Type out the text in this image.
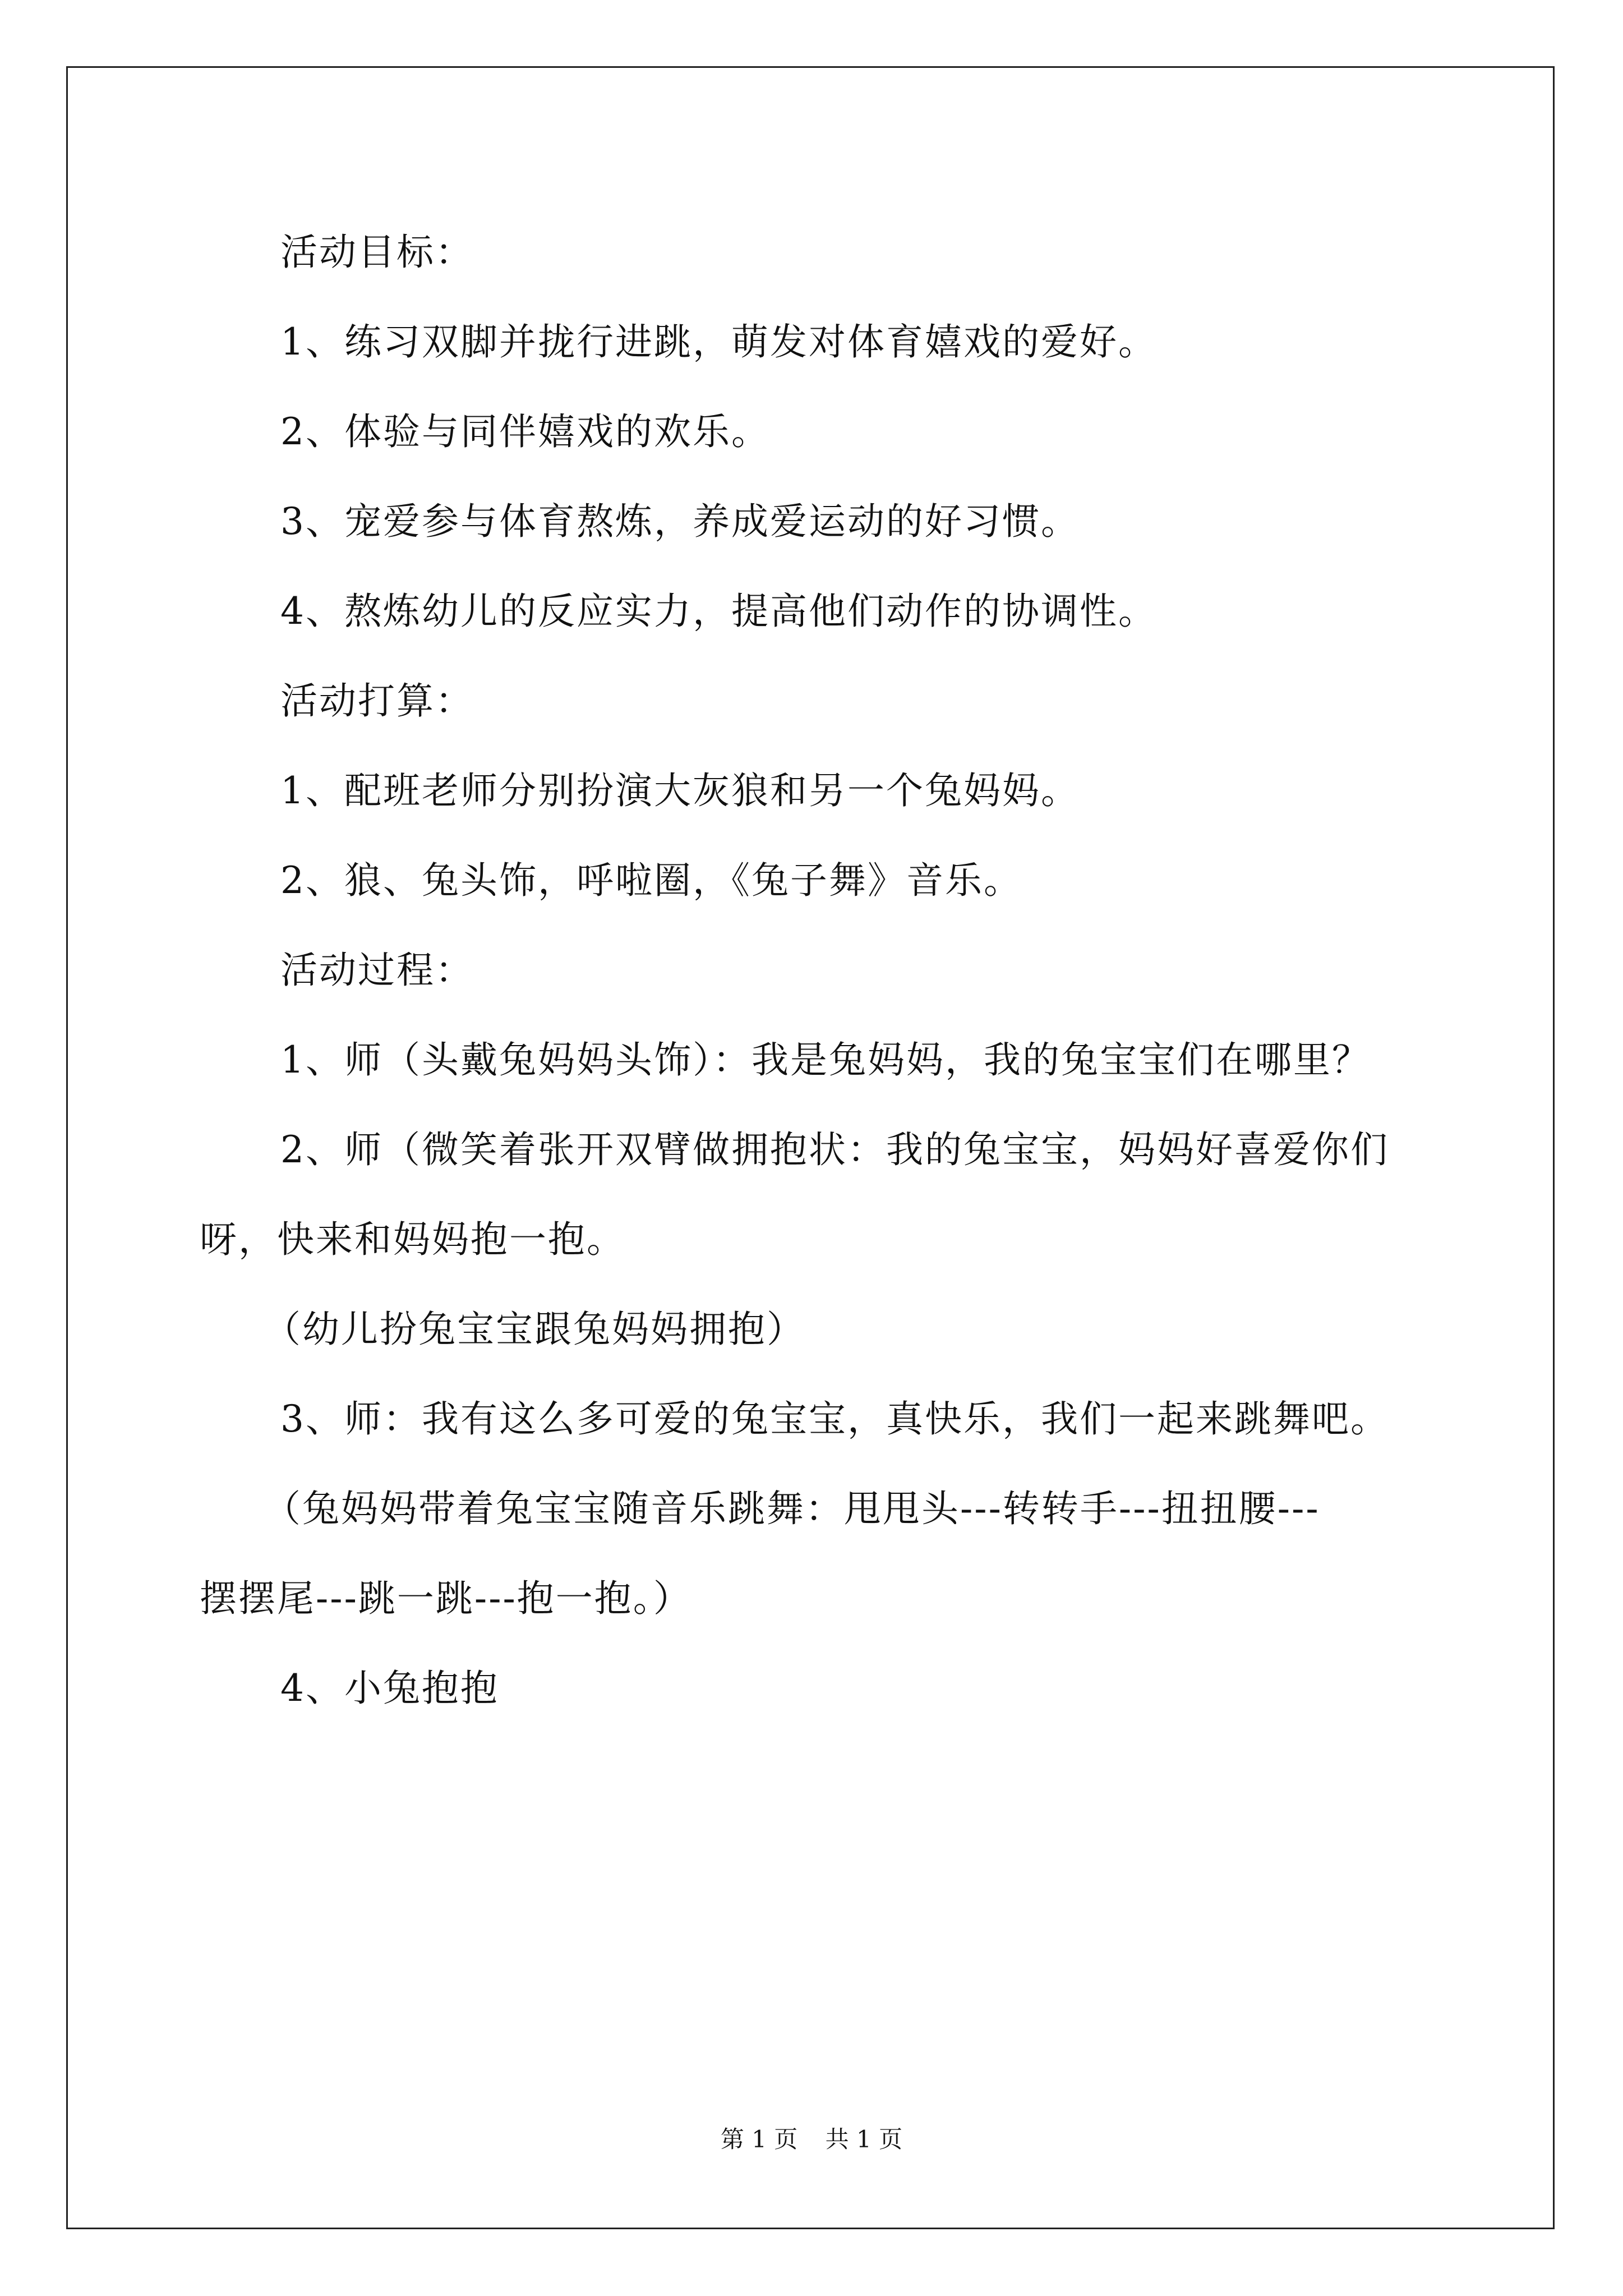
活动目标：
1、练习双脚并拢行进跳，萌发对体育嬉戏的爱好。
2、体验与同伴嬉戏的欢乐。
3、宠爱参与体育熬炼，养成爱运动的好习惯。
4、熬炼幼儿的反应实力，提高他们动作的协调性。
活动打算：
1、配班老师分别扮演大灰狼和另一个兔妈妈。
2、狼、兔头饰，呼啦圈，《兔子舞》音乐。
活动过程：
1、师（头戴兔妈妈头饰）：我是兔妈妈，我的兔宝宝们在哪里？
2、师（微笑着张开双臂做拥抱状：我的兔宝宝，妈妈好喜爱你们
呀，快来和妈妈抱一抱。
（幼儿扮兔宝宝跟兔妈妈拥抱）
3、师：我有这么多可爱的兔宝宝，真快乐，我们一起来跳舞吧。
（兔妈妈带着兔宝宝随音乐跳舞：甩甩头---转转手---扭扭腰---
摆摆尾---跳一跳---抱一抱。）
4、小兔抱抱
第 1 页 共 1 页
